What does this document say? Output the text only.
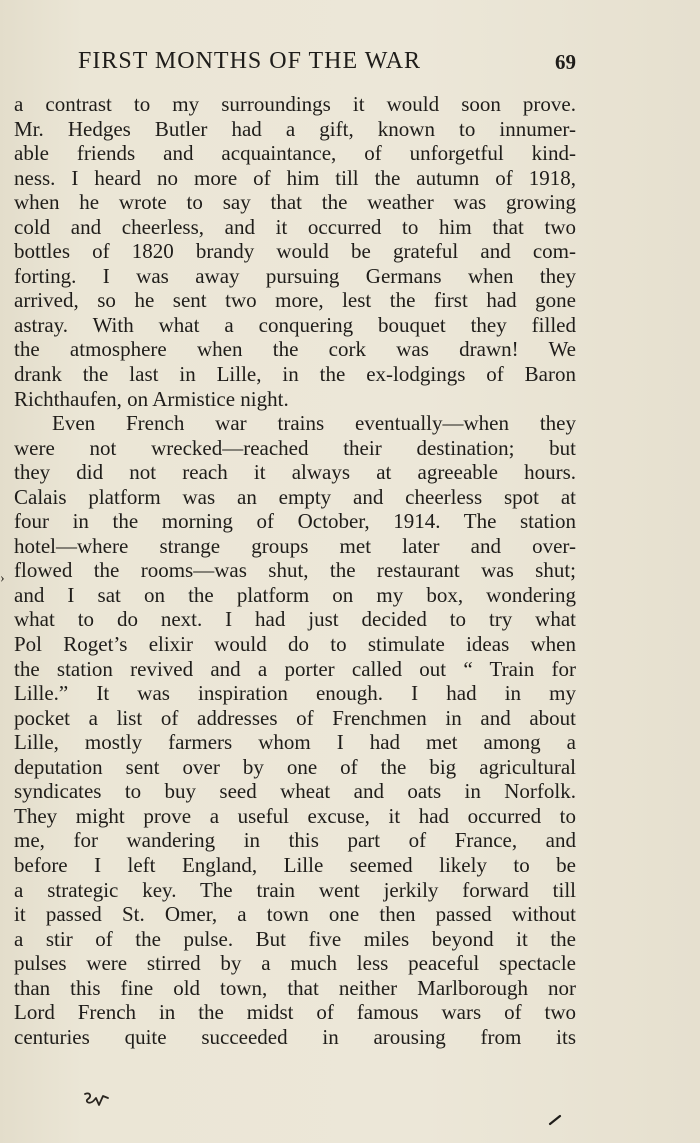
FIRST MONTHS OF THE WAR	69
a contrast to my surroundings it would soon prove.
Mr. Hedges Butler had a gift, known to innumer-
able friends and acquaintance, of unforgetful kind-
ness. I heard no more of him till the autumn of 1918,
when he wrote to say that the weather was growing
cold and cheerless, and it occurred to him that two
bottles of 1820 brandy would be grateful and com-
forting. I was away pursuing Germans when they
arrived, so he sent two more, lest the first had gone
astray. With what a conquering bouquet they filled
the atmosphere when the cork was drawn! We
drank the last in Lille, in the ex-lodgings of Baron
Richthaufen, on Armistice night.
Even French war trains eventually—when they
were not wrecked—reached their destination; but
they did not reach it always at agreeable hours.
Calais platform was an empty and cheerless spot at
four in the morning of October, 1914. The station
hotel—where strange groups met later and over-
flowed the rooms—was shut, the restaurant was shut;
and I sat on the platform on my box, wondering
what to do next. I had just decided to try what
Pol Roget’s elixir would do to stimulate ideas when
the station revived and a porter called out “ Train for
Lille.” It was inspiration enough. I had in my
pocket a list of addresses of Frenchmen in and about
Lille, mostly farmers whom I had met among a
deputation sent over by one of the big agricultural
syndicates to buy seed wheat and oats in Norfolk.
They might prove a useful excuse, it had occurred to
me, for wandering in this part of France, and
before I left England, Lille seemed likely to be
a strategic key. The train went jerkily forward till
it passed St. Omer, a town one then passed without
a stir of the pulse. But five miles beyond it the
pulses were stirred by a much less peaceful spectacle
than this fine old town, that neither Marlborough nor
Lord French in the midst of famous wars of two
centuries quite succeeded in arousing from its
›
